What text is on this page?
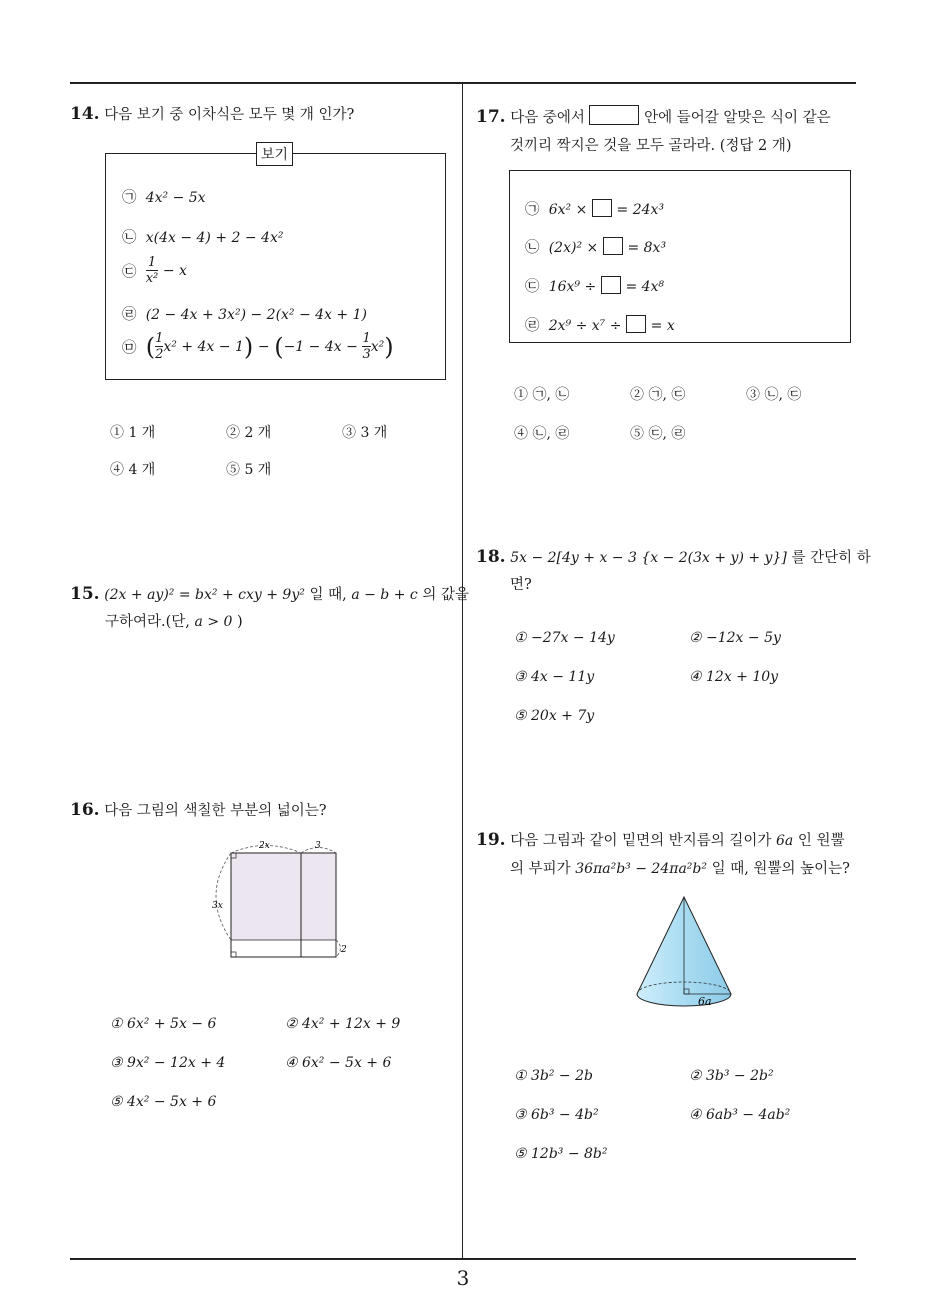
14. 다음 보기 중 이차식은 모두 몇 개 인가?
보기
㉠ 4x² − 5x
㉡ x(4x − 4) + 2 − 4x²
㉢ $\frac{1}{\text{x²}} - x$
㉣ (2 − 4x + 3x²) − 2(x² − 4x + 1)
㉤ ( $\frac{1}{2} x^2 + 4x - 1) - (-1 - 4x - \frac{1}{3} x^2)$
① 1 개	② 2 개	③ 3 개
④ 4 개	⑤ 5 개
15. (2x + ay)² = bx² + cxy + 9y² 일 때, a − b + c 의 값을
구하여라.(단, a > 0 )
16. 다음 그림의 색칠한 부분의 넓이는?
2x	3
3x
2
① 6x² + 5x − 6	② 4x² + 12x + 9
③ 9x² − 12x + 4	④ 6x² − 5x + 6
⑤ 4x² − 5x + 6
17. 다음 중에서	안에 들어갈 알맞은 식이 같은
것끼리 짝지은 것을 모두 골라라. (정답 2 개)
㉠ 6x² × = 24x³
㉡ (2x)² × = 8x³
㉢ 16x⁹ ÷ = 4x⁸
㉣ 2x⁹ ÷ x⁷ ÷ = x
① ㉠, ㉡	② ㉠, ㉢	③ ㉡, ㉢
④ ㉡, ㉣	⑤ ㉢, ㉣
18. 5x − 2[4y + x − 3 {x − 2(3x + y) + y}] 를 간단히 하
면?
① −27x − 14y	② −12x − 5y
③ 4x − 11y	④ 12x + 10y
⑤ 20x + 7y
19. 다음 그림과 같이 밑면의 반지름의 길이가 6a 인 원뿔
의 부피가 36πa²b³ − 24πa²b² 일 때, 원뿔의 높이는?
6a
① 3b² − 2b	② 3b³ − 2b²
③ 6b³ − 4b²	④ 6ab³ − 4ab²
⑤ 12b³ − 8b²
3
